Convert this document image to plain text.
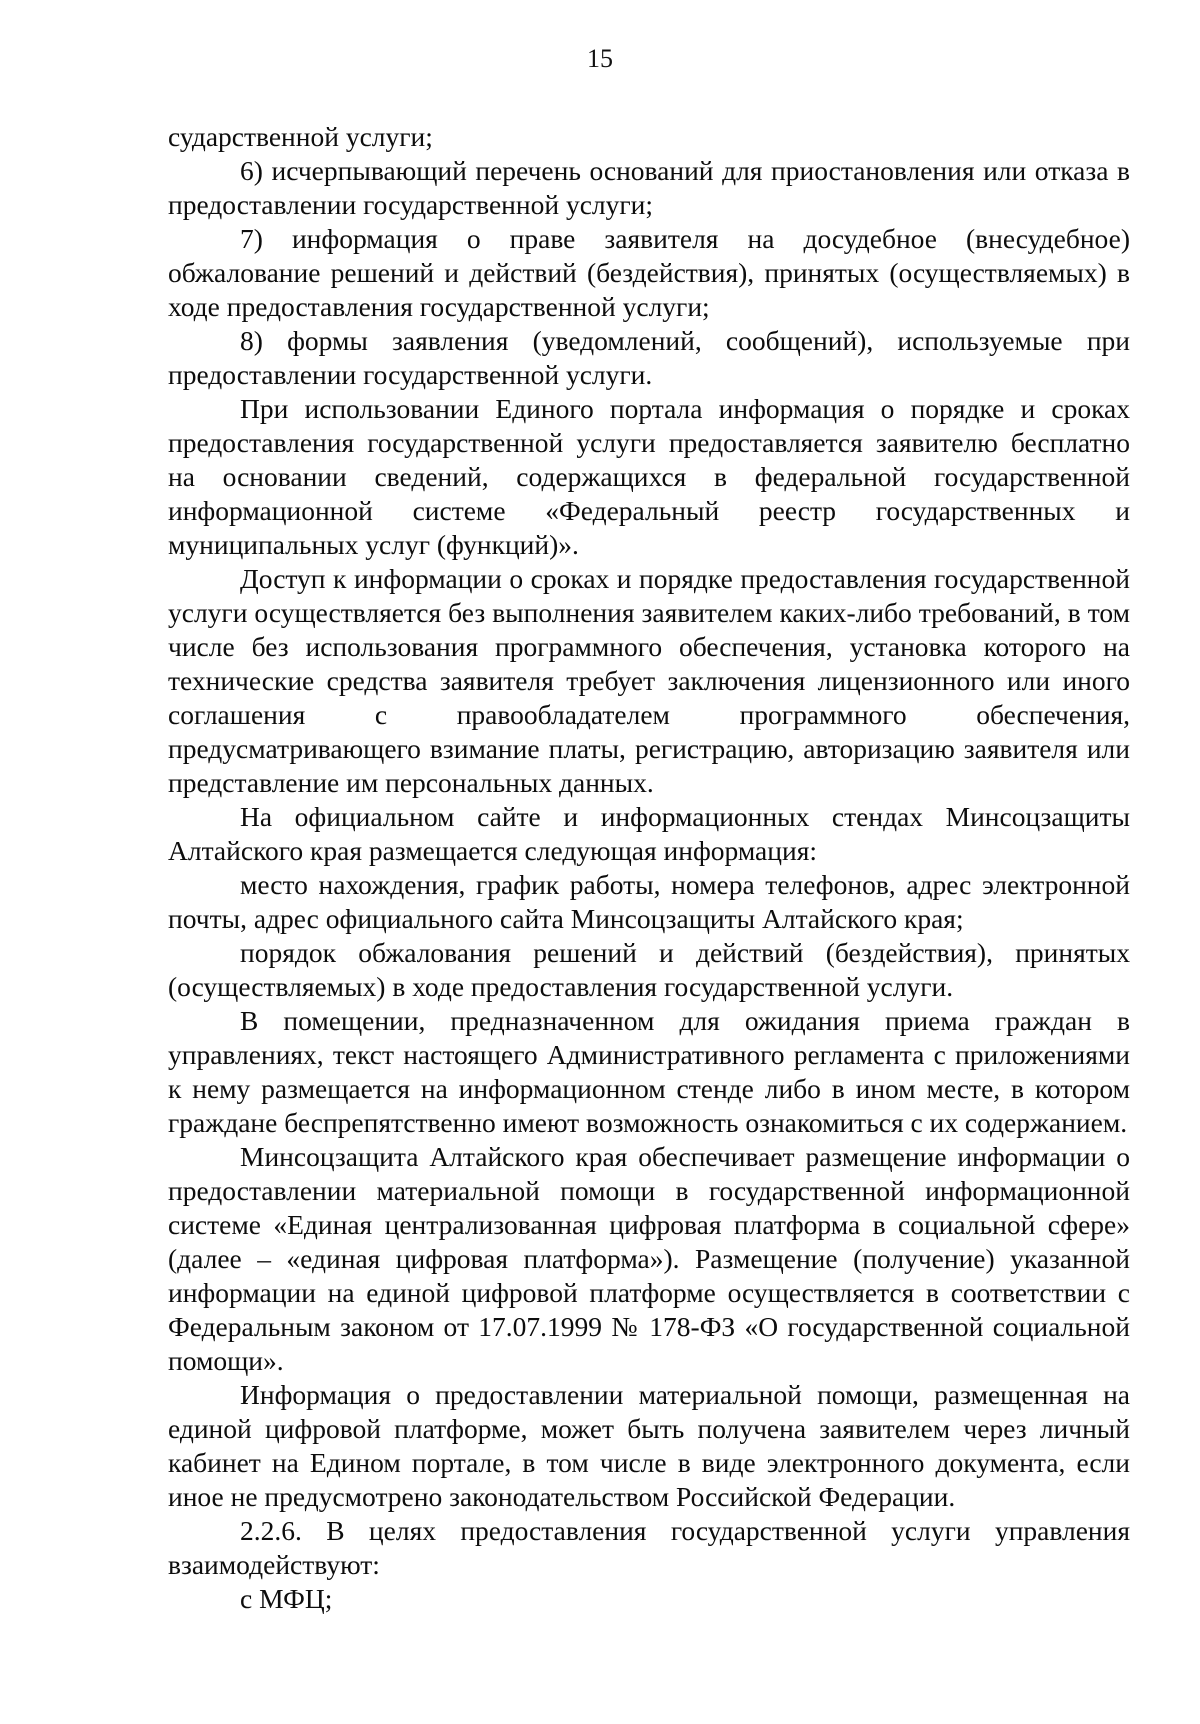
15

сударственной услуги;

6) исчерпывающий перечень оснований для приостановления или отказа в предоставлении государственной услуги;

7) информация о праве заявителя на досудебное (внесудебное) обжалование решений и действий (бездействия), принятых (осуществляемых) в ходе предоставления государственной услуги;

8) формы заявления (уведомлений, сообщений), используемые при предоставлении государственной услуги.

При использовании Единого портала информация о порядке и сроках предоставления государственной услуги предоставляется заявителю бесплатно на основании сведений, содержащихся в федеральной государственной информационной системе «Федеральный реестр государственных и муниципальных услуг (функций)».

Доступ к информации о сроках и порядке предоставления государственной услуги осуществляется без выполнения заявителем каких-либо требований, в том числе без использования программного обеспечения, установка которого на технические средства заявителя требует заключения лицензионного или иного соглашения с правообладателем программного обеспечения, предусматривающего взимание платы, регистрацию, авторизацию заявителя или представление им персональных данных.

На официальном сайте и информационных стендах Минсоцзащиты Алтайского края размещается следующая информация:

место нахождения, график работы, номера телефонов, адрес электронной почты, адрес официального сайта Минсоцзащиты Алтайского края;

порядок обжалования решений и действий (бездействия), принятых (осуществляемых) в ходе предоставления государственной услуги.

В помещении, предназначенном для ожидания приема граждан в управлениях, текст настоящего Административного регламента с приложениями к нему размещается на информационном стенде либо в ином месте, в котором граждане беспрепятственно имеют возможность ознакомиться с их содержанием.

Минсоцзащита Алтайского края обеспечивает размещение информации о предоставлении материальной помощи в государственной информационной системе «Единая централизованная цифровая платформа в социальной сфере» (далее – «единая цифровая платформа»). Размещение (получение) указанной информации на единой цифровой платформе осуществляется в соответствии с Федеральным законом от 17.07.1999 № 178-ФЗ «О государственной социальной помощи».

Информация о предоставлении материальной помощи, размещенная на единой цифровой платформе, может быть получена заявителем через личный кабинет на Едином портале, в том числе в виде электронного документа, если иное не предусмотрено законодательством Российской Федерации.

2.2.6. В целях предоставления государственной услуги управления взаимодействуют:

с МФЦ;
